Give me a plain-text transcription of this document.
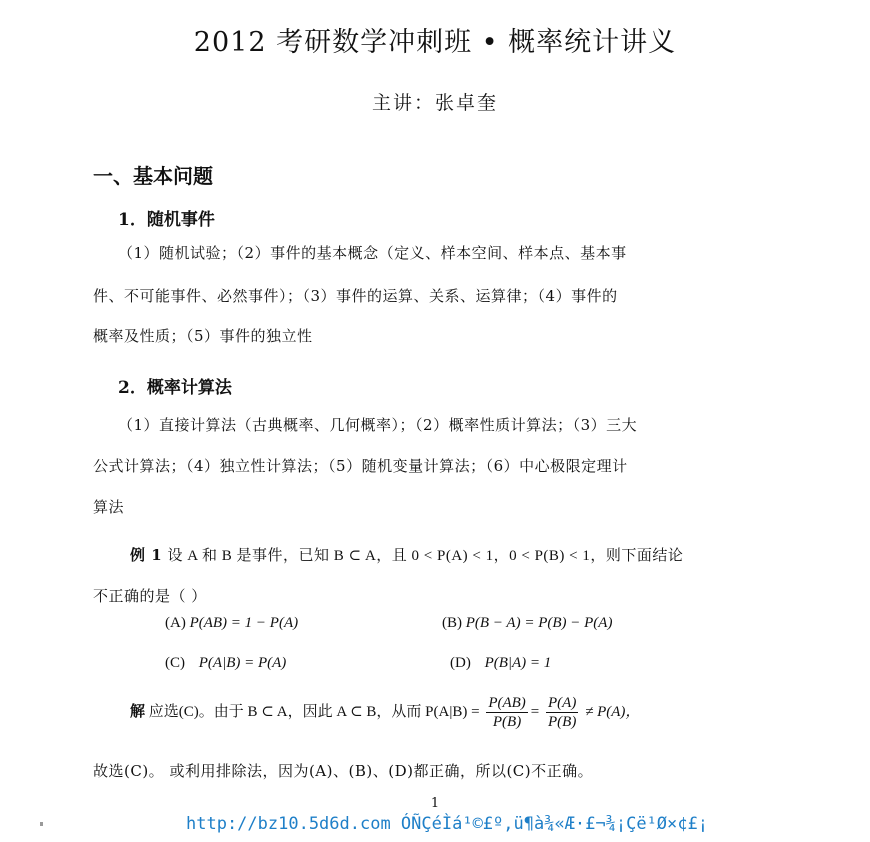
2012 考研数学冲刺班 • 概率统计讲义
主讲：张卓奎
一、基本问题
1．随机事件
（1）随机试验；（2）事件的基本概念（定义、样本空间、样本点、基本事
件、不可能事件、必然事件）；（3）事件的运算、关系、运算律；（4）事件的
概率及性质；（5）事件的独立性
2．概率计算法
（1）直接计算法（古典概率、几何概率）；（2）概率性质计算法；（3）三大
公式计算法；（4）独立性计算法；（5）随机变量计算法；（6）中心极限定理计
算法
例 1 设 A 和 B 是事件，已知 B ⊂ A，且 0 < P(A) < 1，0 < P(B) < 1，则下面结论
不正确的是（ ）
(A) P(AB) = 1 − P(A)	(B) P(B − A) = P(B) − P(A)
(C) P(A|B) = P(A)	(D) P(B|A) = 1
解 应选(C)。由于 B ⊂ A，因此 A ⊂ B，从而 $P(A|B) = \frac{P(AB)}{P(B)} = \frac{P(A)}{P(B)} \ne P(A)$，
故选(C)。 或利用排除法，因为(A)、(B)、(D)都正确，所以(C)不正确。
1
http://bz10.5d6d.com ÓÑÇéÌá¹©£º,ü¶à¾«Æ·£¬¾¡Çë¹Ø×¢£¡
